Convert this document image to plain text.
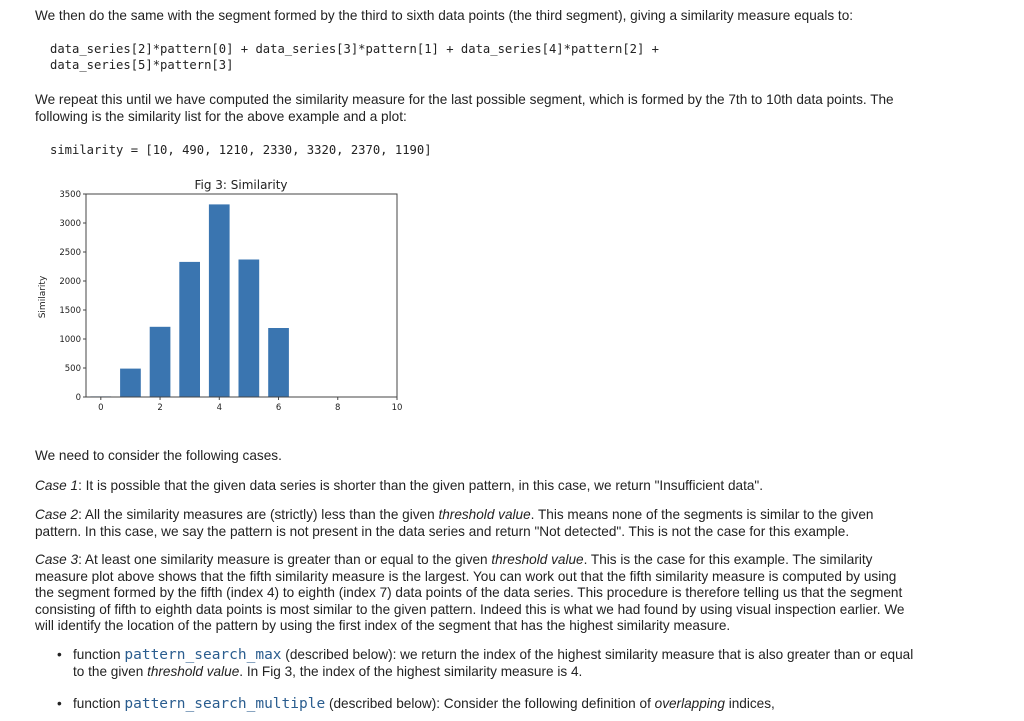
We then do the same with the segment formed by the third to sixth data points (the third segment), giving a similarity measure equals to:

data_series[2]*pattern[0] + data_series[3]*pattern[1] + data_series[4]*pattern[2] +
data_series[5]*pattern[3]

We repeat this until we have computed the similarity measure for the last possible segment, which is formed by the 7th to 10th data points. The following is the similarity list for the above example and a plot:

similarity = [10, 490, 1210, 2330, 3320, 2370, 1190]
Fig 3: Similarity
Similarity
0	2	4	6	8	10
0
500
1000
1500
2000
2500
3000
3500

We need to consider the following cases.

Case 1: It is possible that the given data series is shorter than the given pattern, in this case, we return "Insufficient data".

Case 2: All the similarity measures are (strictly) less than the given threshold value. This means none of the segments is similar to the given pattern. In this case, we say the pattern is not present in the data series and return "Not detected". This is not the case for this example.

Case 3: At least one similarity measure is greater than or equal to the given threshold value. This is the case for this example. The similarity measure plot above shows that the fifth similarity measure is the largest. You can work out that the fifth similarity measure is computed by using the segment formed by the fifth (index 4) to eighth (index 7) data points of the data series. This procedure is therefore telling us that the segment consisting of fifth to eighth data points is most similar to the given pattern. Indeed this is what we had found by using visual inspection earlier. We will identify the location of the pattern by using the first index of the segment that has the highest similarity measure.

• function pattern_search_max (described below): we return the index of the highest similarity measure that is also greater than or equal to the given threshold value. In Fig 3, the index of the highest similarity measure is 4.
• function pattern_search_multiple (described below): Consider the following definition of overlapping indices,
